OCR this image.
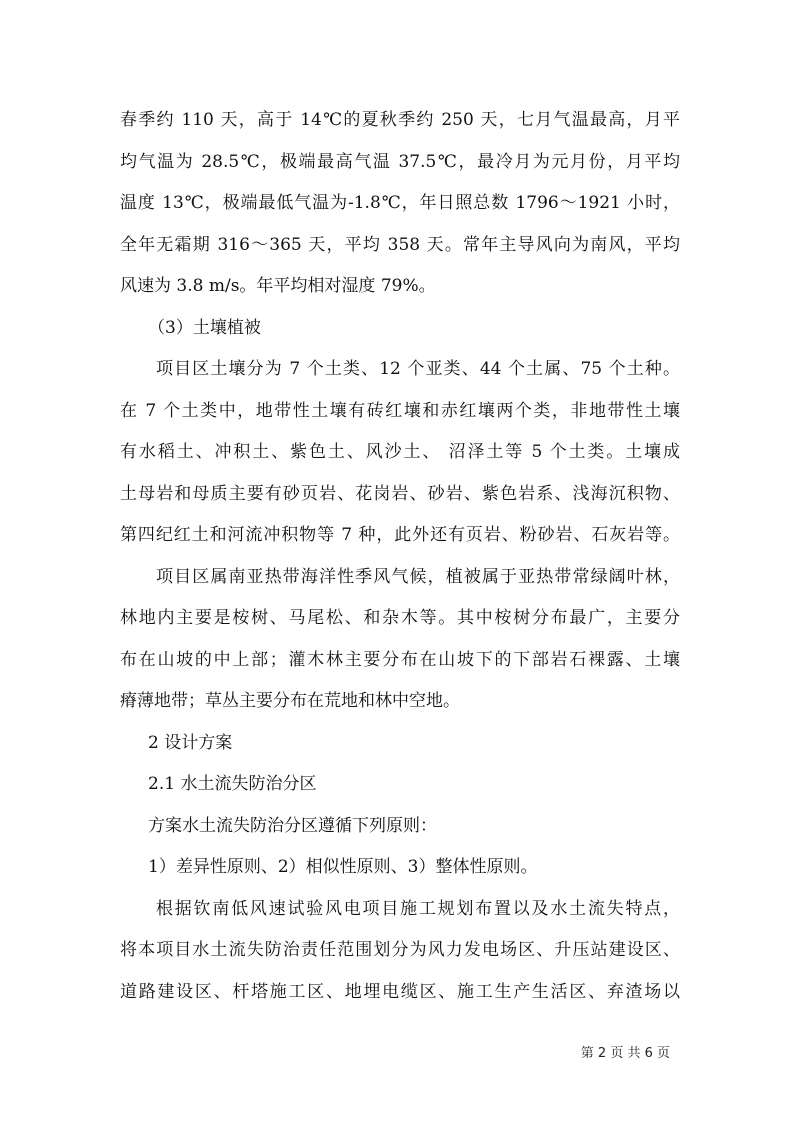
春季约 110 天，高于 14℃的夏秋季约 250 天，七月气温最高，月平
均气温为 28.5℃，极端最高气温 37.5℃，最冷月为元月份，月平均
温度 13℃，极端最低气温为-1.8℃，年日照总数 1796～1921 小时，
全年无霜期 316～365 天，平均 358 天。常年主导风向为南风，平均
风速为 3.8 m/s。年平均相对湿度 79%。
（3）土壤植被
项目区土壤分为 7 个土类、12 个亚类、44 个土属、75 个土种。
在 7 个土类中，地带性土壤有砖红壤和赤红壤两个类，非地带性土壤
有水稻土、冲积土、紫色土、风沙土、 沼泽土等 5 个土类。土壤成
土母岩和母质主要有砂页岩、花岗岩、砂岩、紫色岩系、浅海沉积物、
第四纪红土和河流冲积物等 7 种，此外还有页岩、粉砂岩、石灰岩等。
项目区属南亚热带海洋性季风气候，植被属于亚热带常绿阔叶林，
林地内主要是桉树、马尾松、和杂木等。其中桉树分布最广，主要分
布在山坡的中上部；灌木林主要分布在山坡下的下部岩石裸露、土壤
瘠薄地带；草丛主要分布在荒地和林中空地。
2 设计方案
2.1 水土流失防治分区
方案水土流失防治分区遵循下列原则：
1）差异性原则、2）相似性原则、3）整体性原则。
根据钦南低风速试验风电项目施工规划布置以及水土流失特点，
将本项目水土流失防治责任范围划分为风力发电场区、升压站建设区、
道路建设区、杆塔施工区、地埋电缆区、施工生产生活区、弃渣场以
第 2 页 共 6 页
